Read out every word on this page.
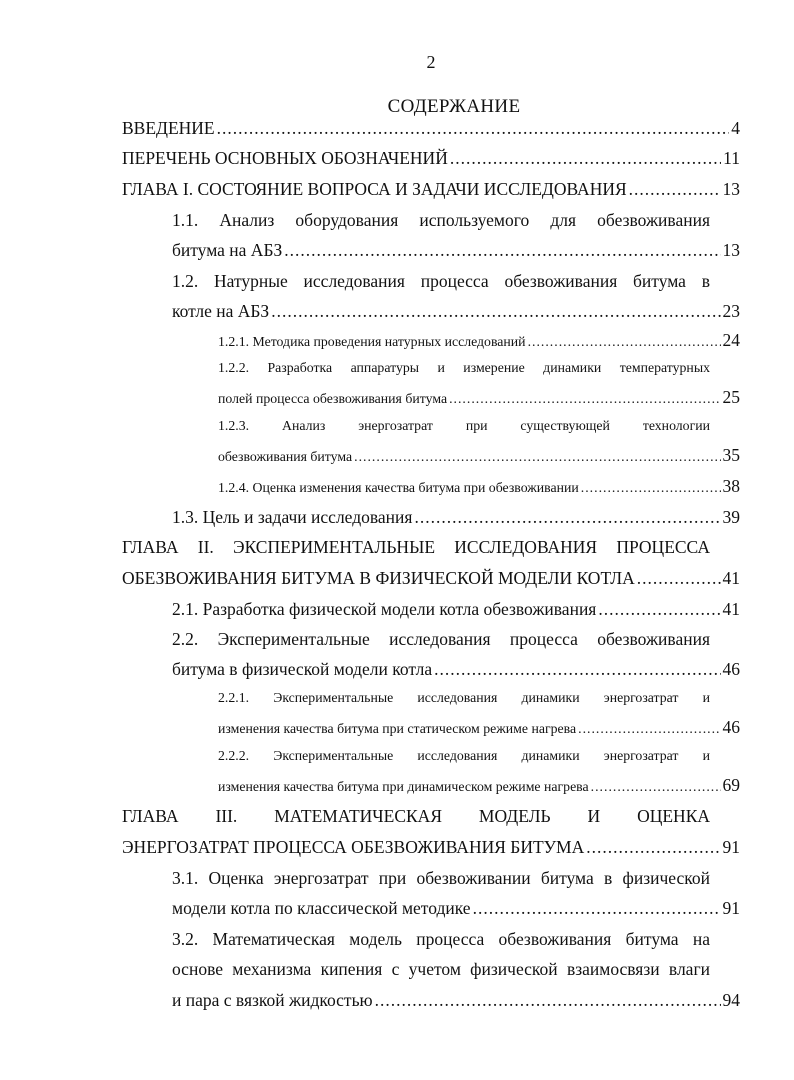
2
СОДЕРЖАНИЕ
ВВЕДЕНИЕ .....	4
ПЕРЕЧЕНЬ ОСНОВНЫХ ОБОЗНАЧЕНИЙ .....	11
ГЛАВА I. СОСТОЯНИЕ ВОПРОСА И ЗАДАЧИ ИССЛЕДОВАНИЯ .....	13
1.1. Анализ оборудования используемого для обезвоживания
битума на АБЗ .....	13
1.2. Натурные исследования процесса обезвоживания битума в
котле на АБЗ .....	23
1.2.1. Методика проведения натурных исследований .....	24
1.2.2. Разработка аппаратуры и измерение динамики температурных
полей процесса обезвоживания битума .....	25
1.2.3. Анализ энергозатрат при существующей технологии
обезвоживания битума .....	35
1.2.4. Оценка изменения качества битума при обезвоживании .....	38
1.3. Цель и задачи исследования .....	39
ГЛАВА II. ЭКСПЕРИМЕНТАЛЬНЫЕ ИССЛЕДОВАНИЯ ПРОЦЕССА
ОБЕЗВОЖИВАНИЯ БИТУМА В ФИЗИЧЕСКОЙ МОДЕЛИ КОТЛА .....	41
2.1. Разработка физической модели котла обезвоживания .....	41
2.2. Экспериментальные исследования процесса обезвоживания
битума в физической модели котла .....	46
2.2.1. Экспериментальные исследования динамики энергозатрат и
изменения качества битума при статическом режиме нагрева .....	46
2.2.2. Экспериментальные исследования динамики энергозатрат и
изменения качества битума при динамическом режиме нагрева .....	69
ГЛАВА III. МАТЕМАТИЧЕСКАЯ МОДЕЛЬ И ОЦЕНКА
ЭНЕРГОЗАТРАТ ПРОЦЕССА ОБЕЗВОЖИВАНИЯ БИТУМА .....	91
3.1. Оценка энергозатрат при обезвоживании битума в физической
модели котла по классической методике .....	91
3.2. Математическая модель процесса обезвоживания битума на
основе механизма кипения с учетом физической взаимосвязи влаги
и пара с вязкой жидкостью .....	94
